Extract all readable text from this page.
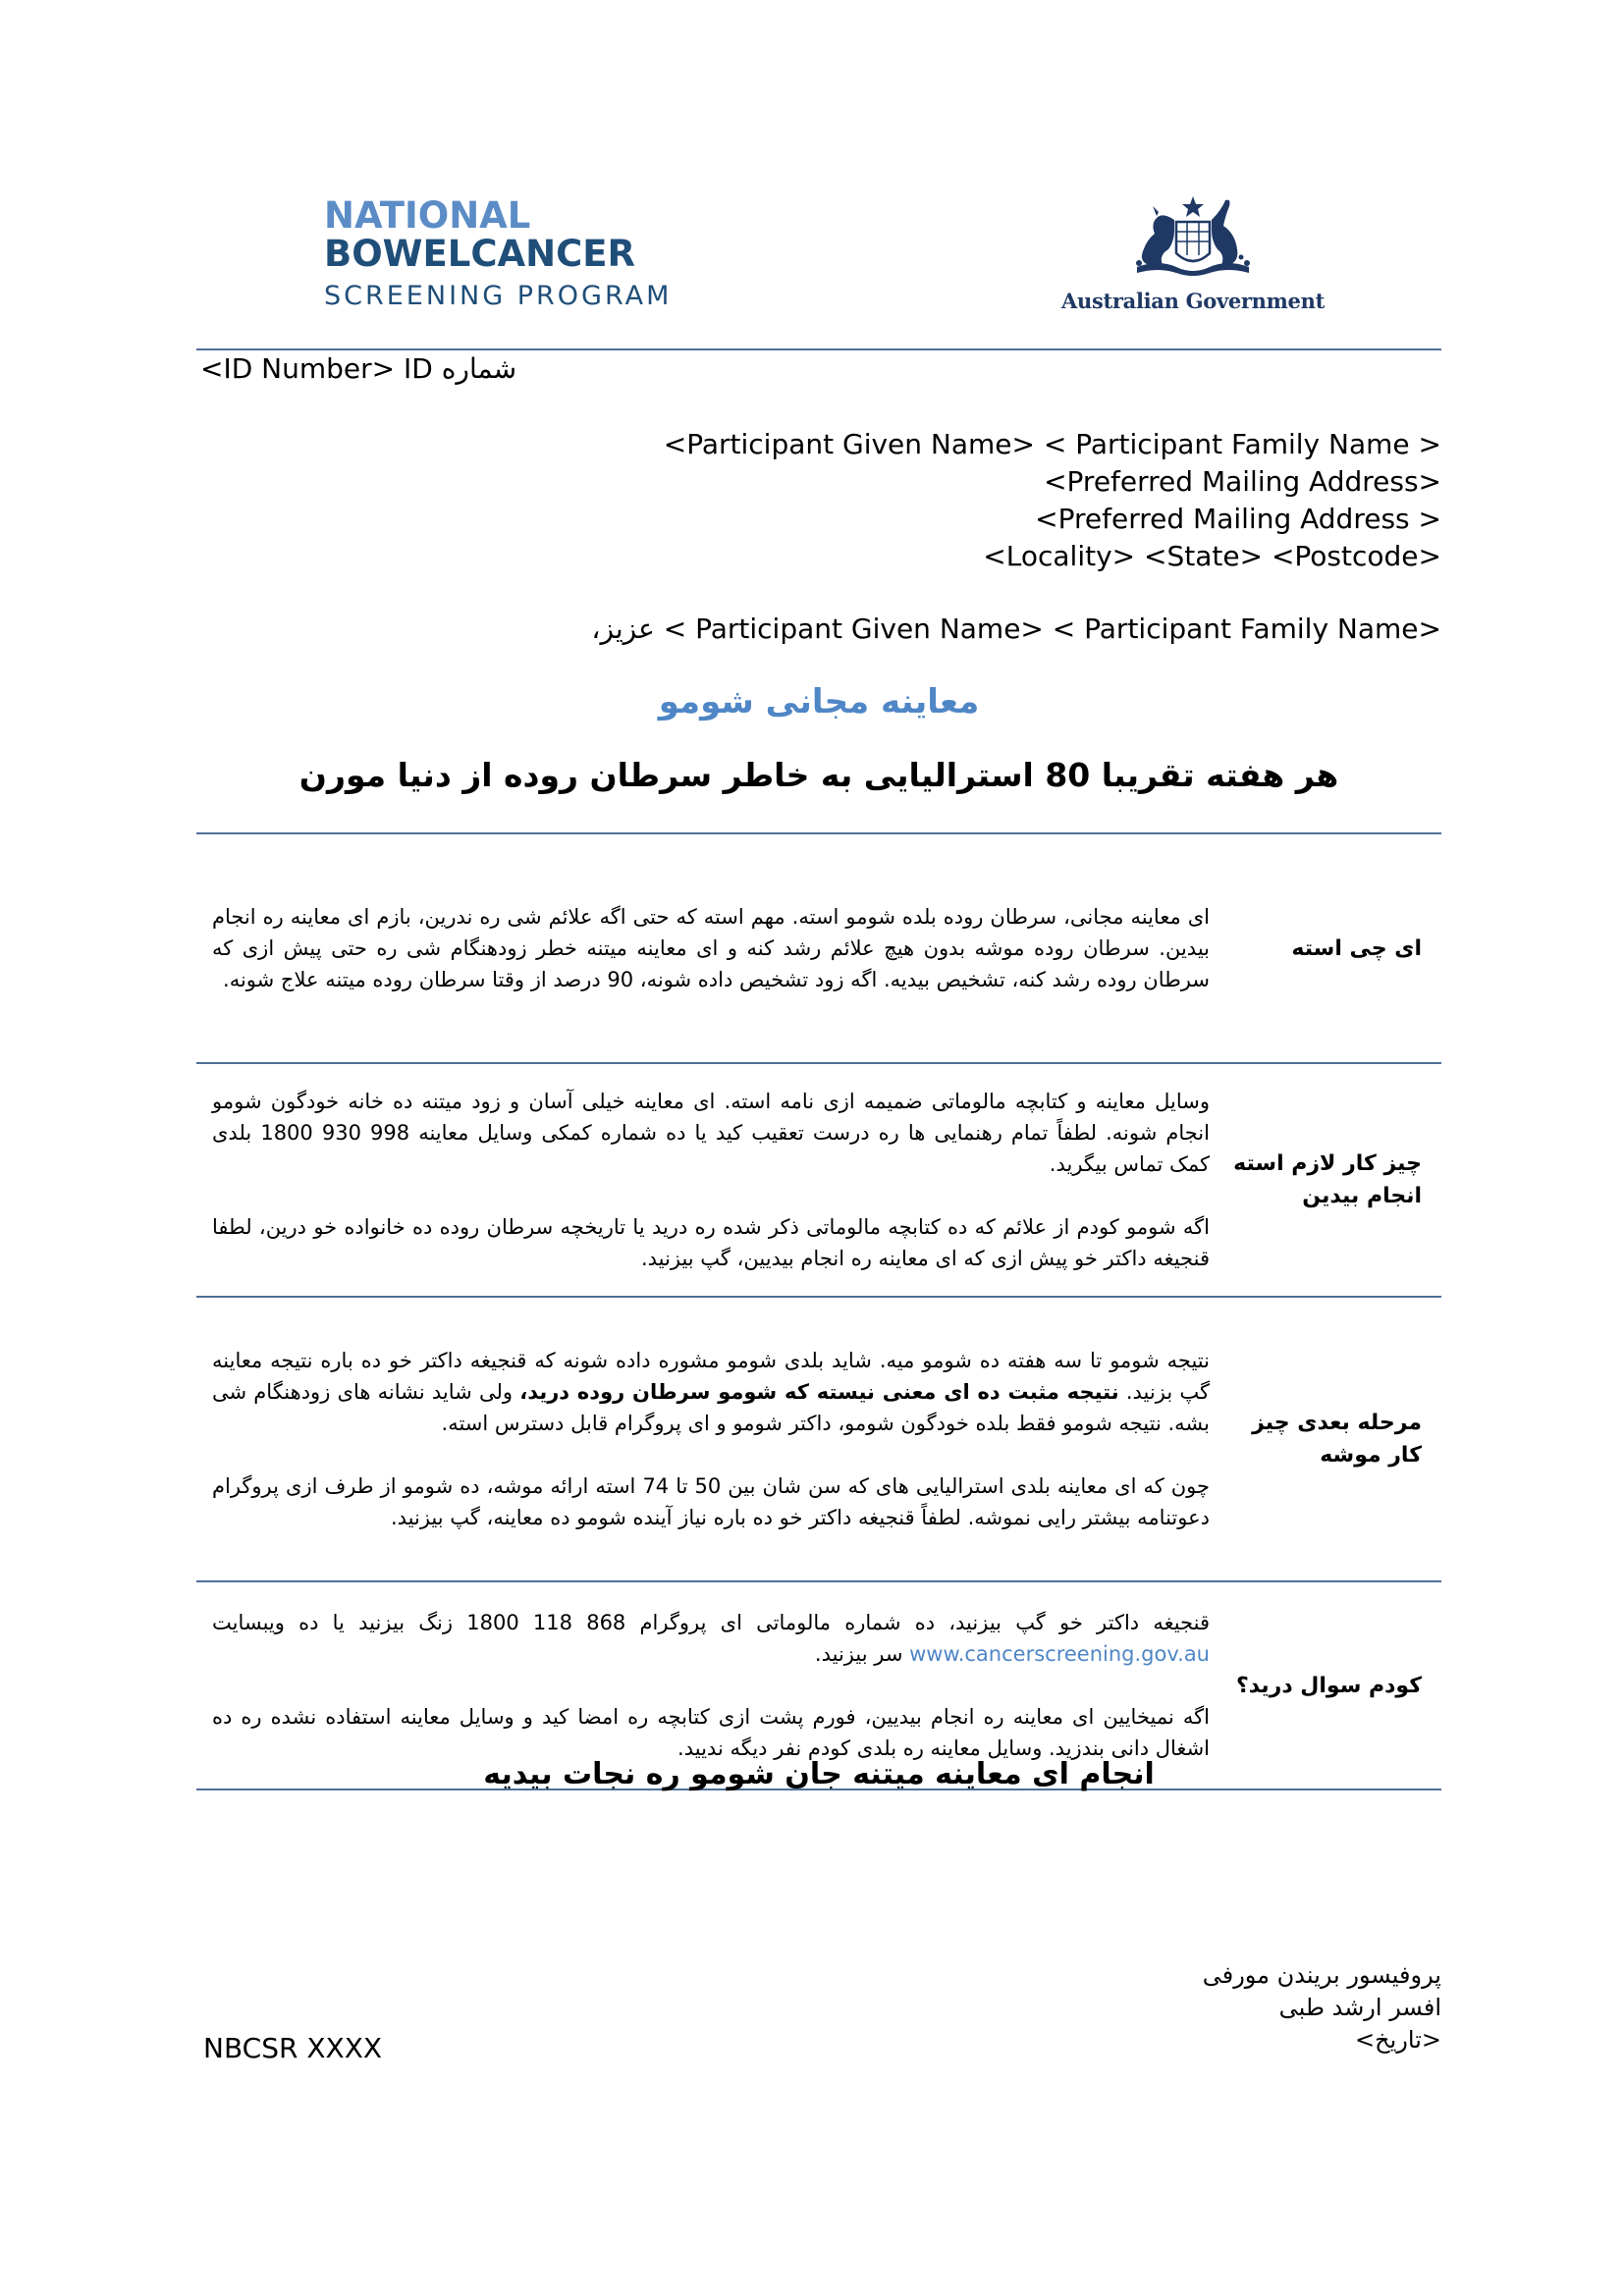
NATIONAL
BOWELCANCER
SCREENING PROGRAM	Australian Government
<ID Number> ID شماره
<Participant Given Name> < Participant Family Name >
<Preferred Mailing Address>
<Preferred Mailing Address >
<Locality> <State> <Postcode>
<Participant Given Name> < Participant Family Name > عزیز،
معاینه مجانی شومو
هر هفته تقریبا 80 استرالیایی به خاطر سرطان روده از دنیا مورن
ای چی استه	ای معاینه مجانی، سرطان روده بلده شومو استه. مهم استه که حتی اگه علائم شی ره ندرین، بازم ای معاینه ره انجام بیدین. سرطان روده موشه بدون هیچ علائم رشد کنه و ای معاینه میتنه خطر زودهنگام شی ره حتی پیش ازی که سرطان روده رشد کنه، تشخیص بیدیه. اگه زود تشخیص داده شونه، 90 درصد از وقتا سرطان روده میتنه علاج شونه.

چیز کار لازم استه انجام بیدین	وسایل معاینه و کتابچه مالوماتی ضمیمه ازی نامه استه. ای معاینه خیلی آسان و زود میتنه ده خانه خودگون شومو انجام شونه. لطفاً تمام رهنمایی ها ره درست تعقیب کید یا ده شماره کمکی وسایل معاینه 998 930 1800 بلدی کمک تماس بیگرید.

اگه شومو کودم از علائم که ده کتابچه مالوماتی ذکر شده ره درید یا تاریخچه سرطان روده ده خانواده خو درین، لطفا قنجیغه داکتر خو پیش ازی که ای معاینه ره انجام بیدیین، گپ بیزنید.

مرحله بعدی چیز کار موشه	نتیجه شومو تا سه هفته ده شومو میه. شاید بلدی شومو مشوره داده شونه که قنجیغه داکتر خو ده باره نتیجه معاینه گپ بزنید. نتیجه مثبت ده ای معنی نیسته که شومو سرطان روده درید، ولی شاید نشانه های زودهنگام شی بشه. نتیجه شومو فقط بلده خودگون شومو، داکتر شومو و ای پروگرام قابل دسترس استه.

چون که ای معاینه بلدی استرالیایی های که سن شان بین 50 تا 74 استه ارائه موشه، ده شومو از طرف ازی پروگرام دعوتنامه بیشتر رایی نموشه. لطفاً قنجیغه داکتر خو ده باره نیاز آینده شومو ده معاینه، گپ بیزنید.

کودم سوال درید؟	قنجیغه داکتر خو گپ بیزنید، ده شماره مالوماتی ای پروگرام 868 118 1800 زنگ بیزنید یا ده ویبسایت www.cancerscreening.gov.au سر بیزنید.

اگه نمیخایین ای معاینه ره انجام بیدیین، فورم پشت ازی کتابچه ره امضا کید و وسایل معاینه استفاده نشده ره ده اشغال دانی بندزید. وسایل معاینه ره بلدی کودم نفر دیگه ندیید.

انجام ای معاینه میتنه جان شومو ره نجات بیدیه
پروفیسور بریندن مورفی
افسر ارشد طبی
<تاریخ>
NBCSR XXXX
